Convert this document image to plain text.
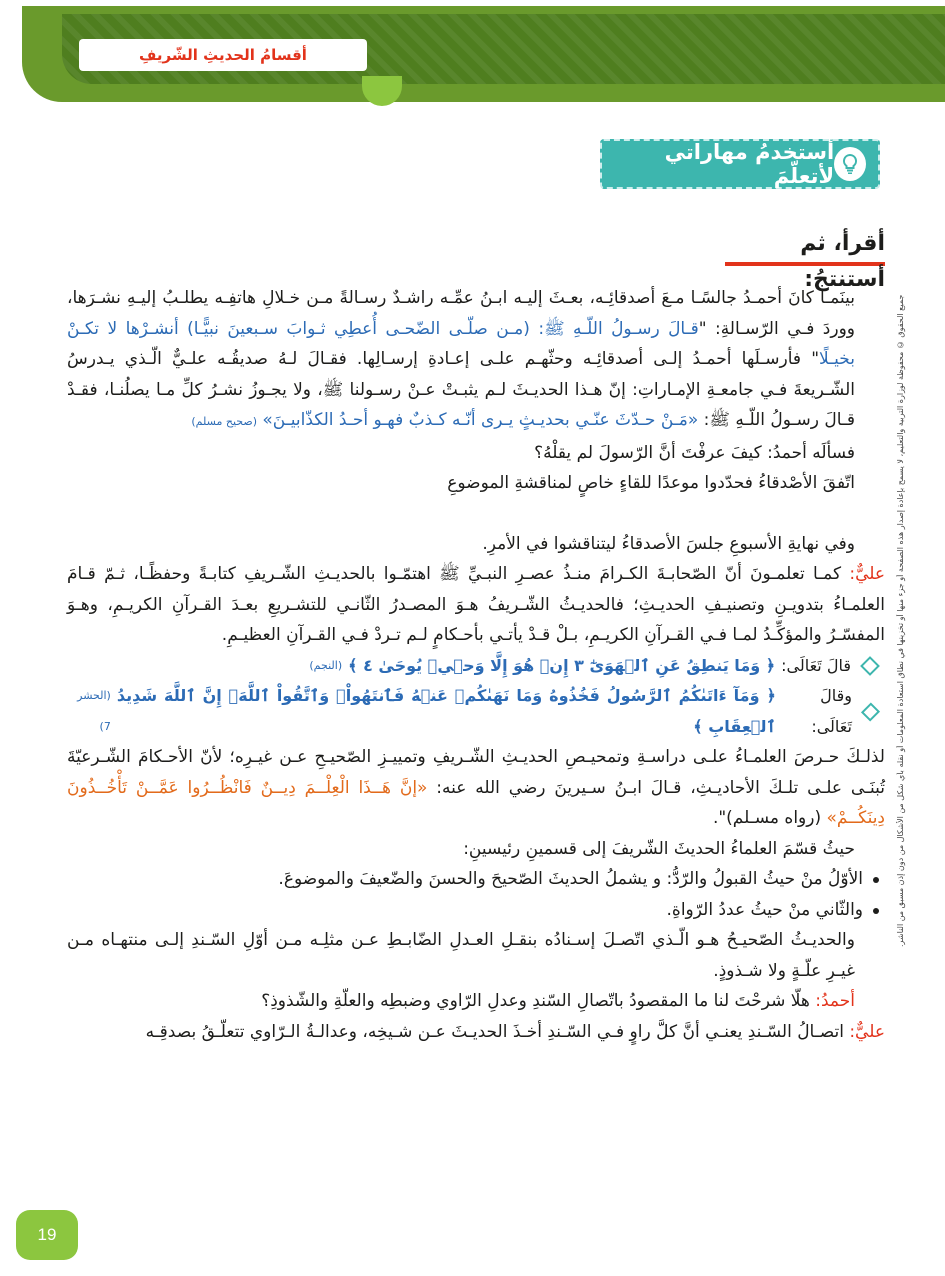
أقسامُ الحديثِ الشّريفِ
أستخدمُ مهاراتي لأتعلّمَ
أقرأ، ثم أستنتجُ:
جميع الحقوق © محفوظة لوزارة التربية والتعليم، لا يسمح بإعادة إصدار هذه الصفحة أو جزء منها أو تخزينها في نطاق استعادة المعلومات أو نقله بأي شكل من الأشكال من دون إذن مسبق من الناشر.

بينَمـا كانَ أحمـدُ جالسًـا مـعَ أصدقائِـه، بعـثَ إليـه ابـنُ عمِّـه راشـدٌ رسـالةً مـن خـلالِ هاتفِـه يطلـبُ إليـهِ نشـرَها، ووردَ فـي الرّسـالةِ: "قـالَ رسـولُ اللّـهِ ﷺ: (مـن صلّـى الضّحـى أُعطِي ثـوابَ سـبعينَ نبيًّـا) أنشـرْها لا تكـنْ بخيـلًا" فأرسـلَها أحمـدُ إلـى أصدقائِـه وحثّهـم علـى إعـادةِ إرسـالِها. فقـالَ لـهُ صديقُـه علـيٌّ الّـذي يـدرسُ الشّـريعةَ فـي جامعـةِ الإمـاراتِ: إنّ هـذا الحديـثَ لـم يثبـتْ عـنْ رسـولنا ﷺ، ولا يجـوزُ نشـرُ كلِّ مـا يصلُنـا، فقـدْ قـالَ رسـولُ اللّـهِ ﷺ: «مَـنْ حـدّثَ عنّـي بحديـثٍ يـرى أنّـه كـذبٌ فهـو أحـدُ الكذّابيـنَ» (صحيح مسلم)

فسألَه أحمدُ: كيفَ عرفْتَ أنَّ الرّسولَ لم يقلْهُ؟

اتّفقَ الأصْدقاءُ فحدّدوا موعدًا للقاءٍ خاصٍ لمناقشةِ الموضوعِ

وفي نهايةِ الأسبوعِ جلسَ الأصدقاءُ ليتناقشوا في الأمرِ.

عليٌّ: كمـا تعلمـونَ أنّ الصّحابـةَ الكـرامَ منـذُ عصـرِ النبـيِّ ﷺ اهتمّـوا بالحديـثِ الشّـريفِ كتابـةً وحفظًـا، ثـمّ قـامَ العلمـاءُ بتدويـنِ وتصنيـفِ الحديـثِ؛ فالحديـثُ الشّـريفُ هـوَ المصـدرُ الثّانـي للتشـريعِ بعـدَ القـرآنِ الكريـمِ، وهـوَ المفسّـرُ والمؤكِّـدُ لمـا فـي القـرآنِ الكريـمِ، بـلْ قـدْ يأتـي بأحـكامٍ لـم تـردْ فـي القـرآنِ العظيـمِ.

قالَ تَعَالَى:
﴿ وَمَا يَنطِقُ عَنِ ٱلۡهَوَىٰٓ ٣ إِنۡ هُوَ إِلَّا وَحۡيٞ يُوحَىٰ ٤ ﴾
(النجم)
وقالَ تَعَالَى:
﴿ وَمَآ ءَاتَىٰكُمُ ٱلرَّسُولُ فَخُذُوهُ وَمَا نَهَىٰكُمۡ عَنۡهُ فَٱنتَهُواْۚ وَٱتَّقُواْ ٱللَّهَۖ إِنَّ ٱللَّهَ شَدِيدُ ٱلۡعِقَابِ ﴾
(الحشر 7)

لذلـكَ حـرصَ العلمـاءُ علـى دراسـةِ وتمحيـصِ الحديـثِ الشّـريفِ وتمييـزِ الصّحيـحِ عـن غيـرِه؛ لأنّ الأحـكامَ الشّـرعيّةَ تُبنَـى علـى تلـكَ الأحاديـثِ، قـالَ ابـنُ سـيرينَ رضي الله عنه: «إنَّ هَــذَا الْعِلْــمَ دِيــنٌ فَانْظُــرُوا عَمَّــنْ تَأْخُــذُونَ دِينَكُــمْ» (رواه مسـلم)".

حيثُ قسّمَ العلماءُ الحديثَ الشّريفَ إلى قسمينِ رئيسينِ:

الأوّلُ منْ حيثُ القبولُ والرّدُّ: و يشملُ الحديثَ الصّحيحَ والحسنَ والضّعيفَ والموضوعَ.

والثّاني منْ حيثُ عددُ الرّواةِ.

والحديـثُ الصّحيـحُ هـو الّـذي اتّصـلَ إسـنادُه بنقـلِ العـدلِ الضّابـطِ عـن مثلِـه مـن أوّلِ السّـندِ إلـى منتهـاه مـن غيـرِ علّـةٍ ولا شـذوذٍ.

أحمدُ: هلّا شرحْتَ لنا ما المقصودُ باتّصالِ السّندِ وعدلِ الرّاوي وضبطِه والعلّةِ والشّذوذِ؟

عليٌّ: اتصـالُ السّـندِ يعنـي أنَّ كلَّ راوٍ فـي السّـندِ أخـذَ الحديـثَ عـن شـيخِه، وعدالـةُ الـرّاوي تتعلّـقُ بصدقِـه

19
